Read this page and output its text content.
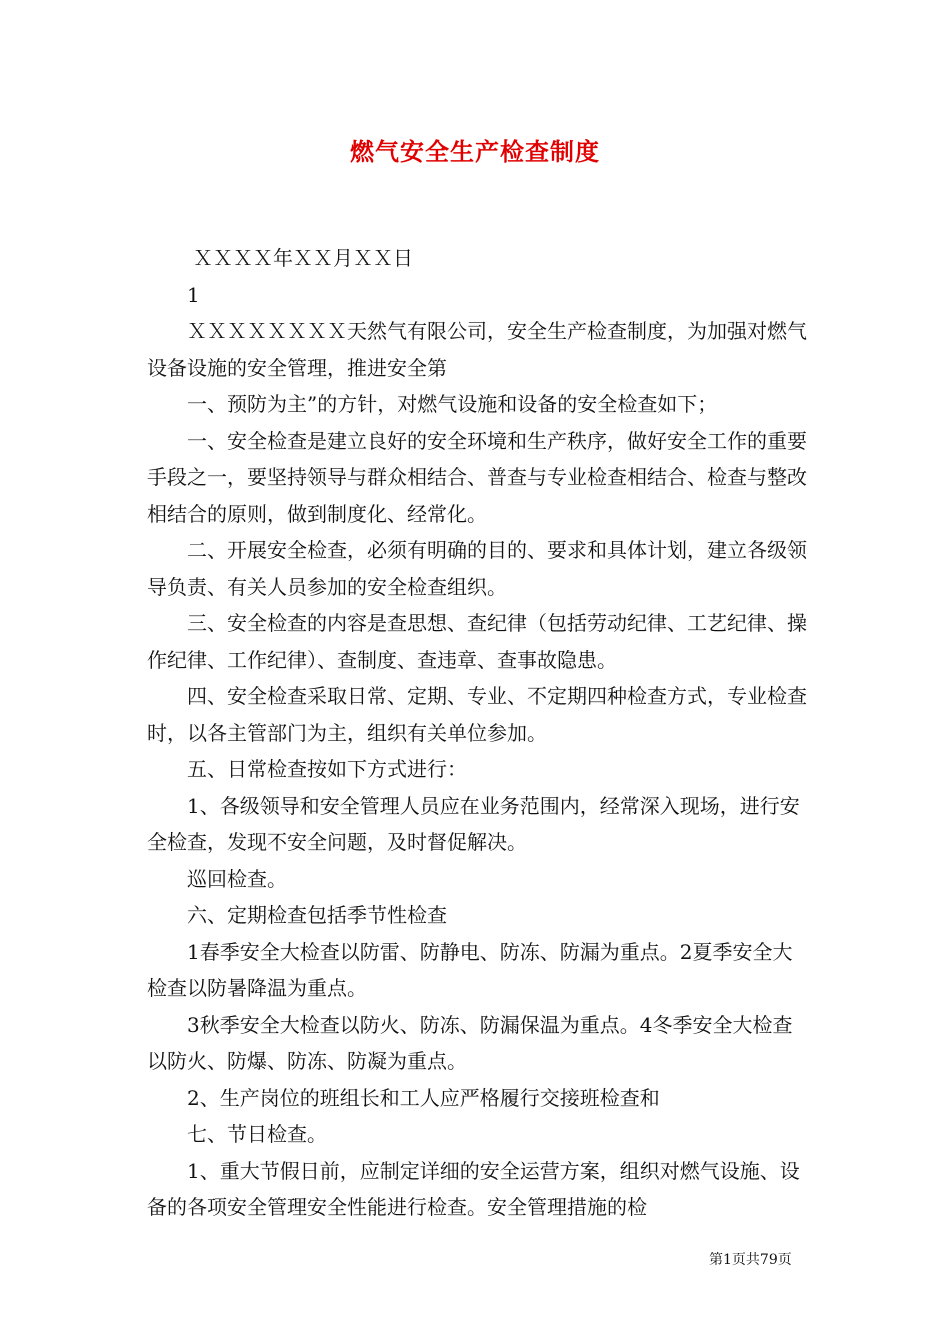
燃气安全生产检查制度

ＸＸＸＸ年ＸＸ月ＸＸ日

1

ＸＸＸＸＸＸＸＸ天然气有限公司，安全生产检查制度，为加强对燃气设备设施的安全管理，推进安全第

一、预防为主”的方针，对燃气设施和设备的安全检查如下；

一、安全检查是建立良好的安全环境和生产秩序，做好安全工作的重要手段之一，要坚持领导与群众相结合、普查与专业检查相结合、检查与整改相结合的原则，做到制度化、经常化。

二、开展安全检查，必须有明确的目的、要求和具体计划，建立各级领导负责、有关人员参加的安全检查组织。

三、安全检查的内容是查思想、查纪律（包括劳动纪律、工艺纪律、操作纪律、工作纪律）、查制度、查违章、查事故隐患。

四、安全检查采取日常、定期、专业、不定期四种检查方式，专业检查时，以各主管部门为主，组织有关单位参加。

五、日常检查按如下方式进行：

1、各级领导和安全管理人员应在业务范围内，经常深入现场，进行安全检查，发现不安全问题，及时督促解决。

巡回检查。

六、定期检查包括季节性检查

1春季安全大检查以防雷、防静电、防冻、防漏为重点。2夏季安全大检查以防暑降温为重点。

3秋季安全大检查以防火、防冻、防漏保温为重点。4冬季安全大检查以防火、防爆、防冻、防凝为重点。

2、生产岗位的班组长和工人应严格履行交接班检查和

七、节日检查。

1、重大节假日前，应制定详细的安全运营方案，组织对燃气设施、设备的各项安全管理安全性能进行检查。安全管理措施的检

第1页共79页
